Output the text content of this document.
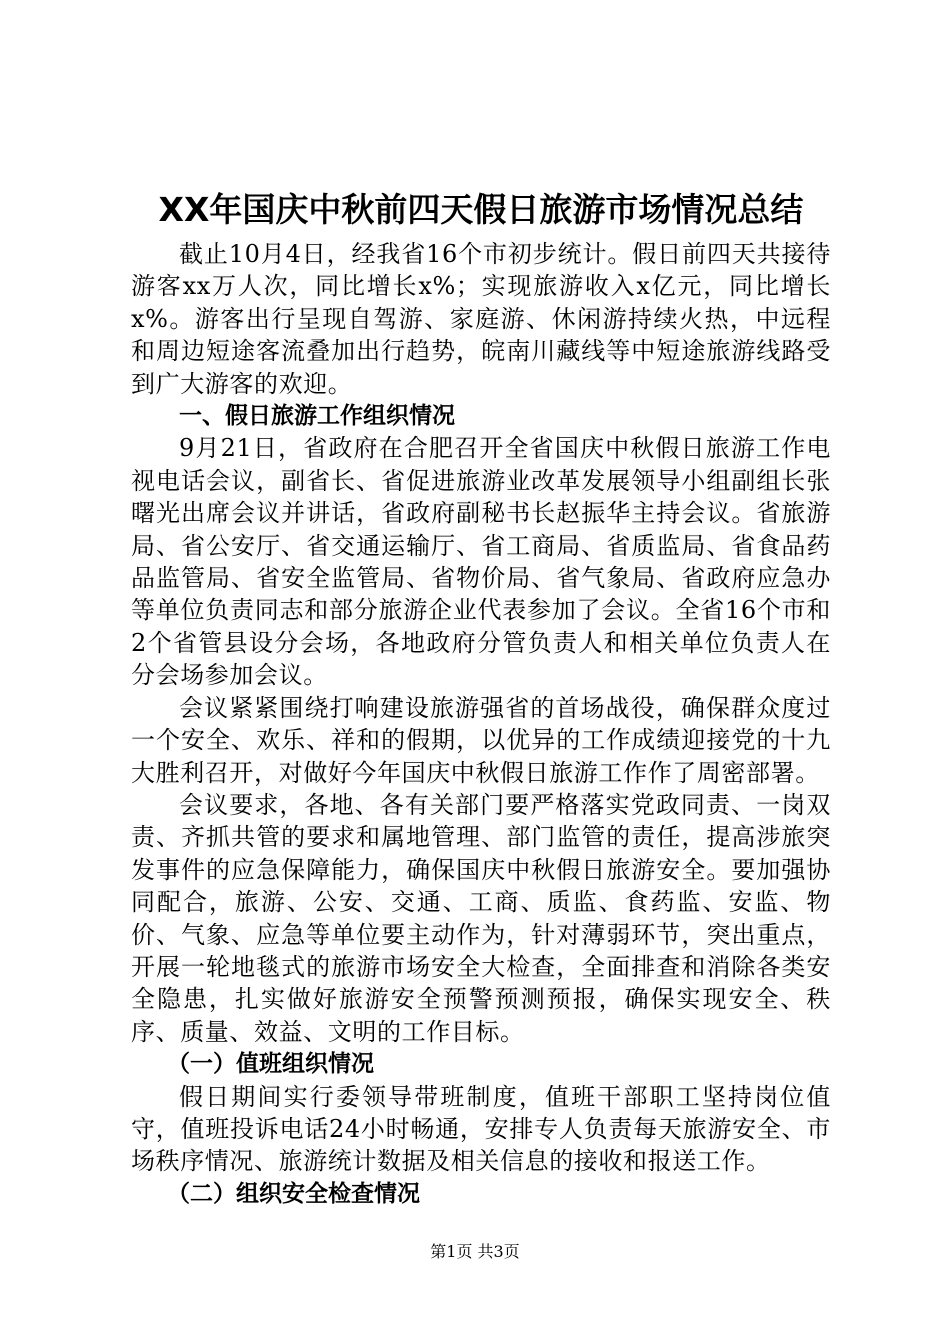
XX年国庆中秋前四天假日旅游市场情况总结

截止10月4日，经我省16个市初步统计。假日前四天共接待游客xx万人次，同比增长x%；实现旅游收入x亿元，同比增长x%。游客出行呈现自驾游、家庭游、休闲游持续火热，中远程和周边短途客流叠加出行趋势，皖南川藏线等中短途旅游线路受到广大游客的欢迎。

一、假日旅游工作组织情况

9月21日，省政府在合肥召开全省国庆中秋假日旅游工作电视电话会议，副省长、省促进旅游业改革发展领导小组副组长张曙光出席会议并讲话，省政府副秘书长赵振华主持会议。省旅游局、省公安厅、省交通运输厅、省工商局、省质监局、省食品药品监管局、省安全监管局、省物价局、省气象局、省政府应急办等单位负责同志和部分旅游企业代表参加了会议。全省16个市和2个省管县设分会场，各地政府分管负责人和相关单位负责人在分会场参加会议。

会议紧紧围绕打响建设旅游强省的首场战役，确保群众度过一个安全、欢乐、祥和的假期，以优异的工作成绩迎接党的十九大胜利召开，对做好今年国庆中秋假日旅游工作作了周密部署。

会议要求，各地、各有关部门要严格落实党政同责、一岗双责、齐抓共管的要求和属地管理、部门监管的责任，提高涉旅突发事件的应急保障能力，确保国庆中秋假日旅游安全。要加强协同配合，旅游、公安、交通、工商、质监、食药监、安监、物价、气象、应急等单位要主动作为，针对薄弱环节，突出重点，开展一轮地毯式的旅游市场安全大检查，全面排查和消除各类安全隐患，扎实做好旅游安全预警预测预报，确保实现安全、秩序、质量、效益、文明的工作目标。

（一）值班组织情况

假日期间实行委领导带班制度，值班干部职工坚持岗位值守，值班投诉电话24小时畅通，安排专人负责每天旅游安全、市场秩序情况、旅游统计数据及相关信息的接收和报送工作。

（二）组织安全检查情况
第1页 共3页
